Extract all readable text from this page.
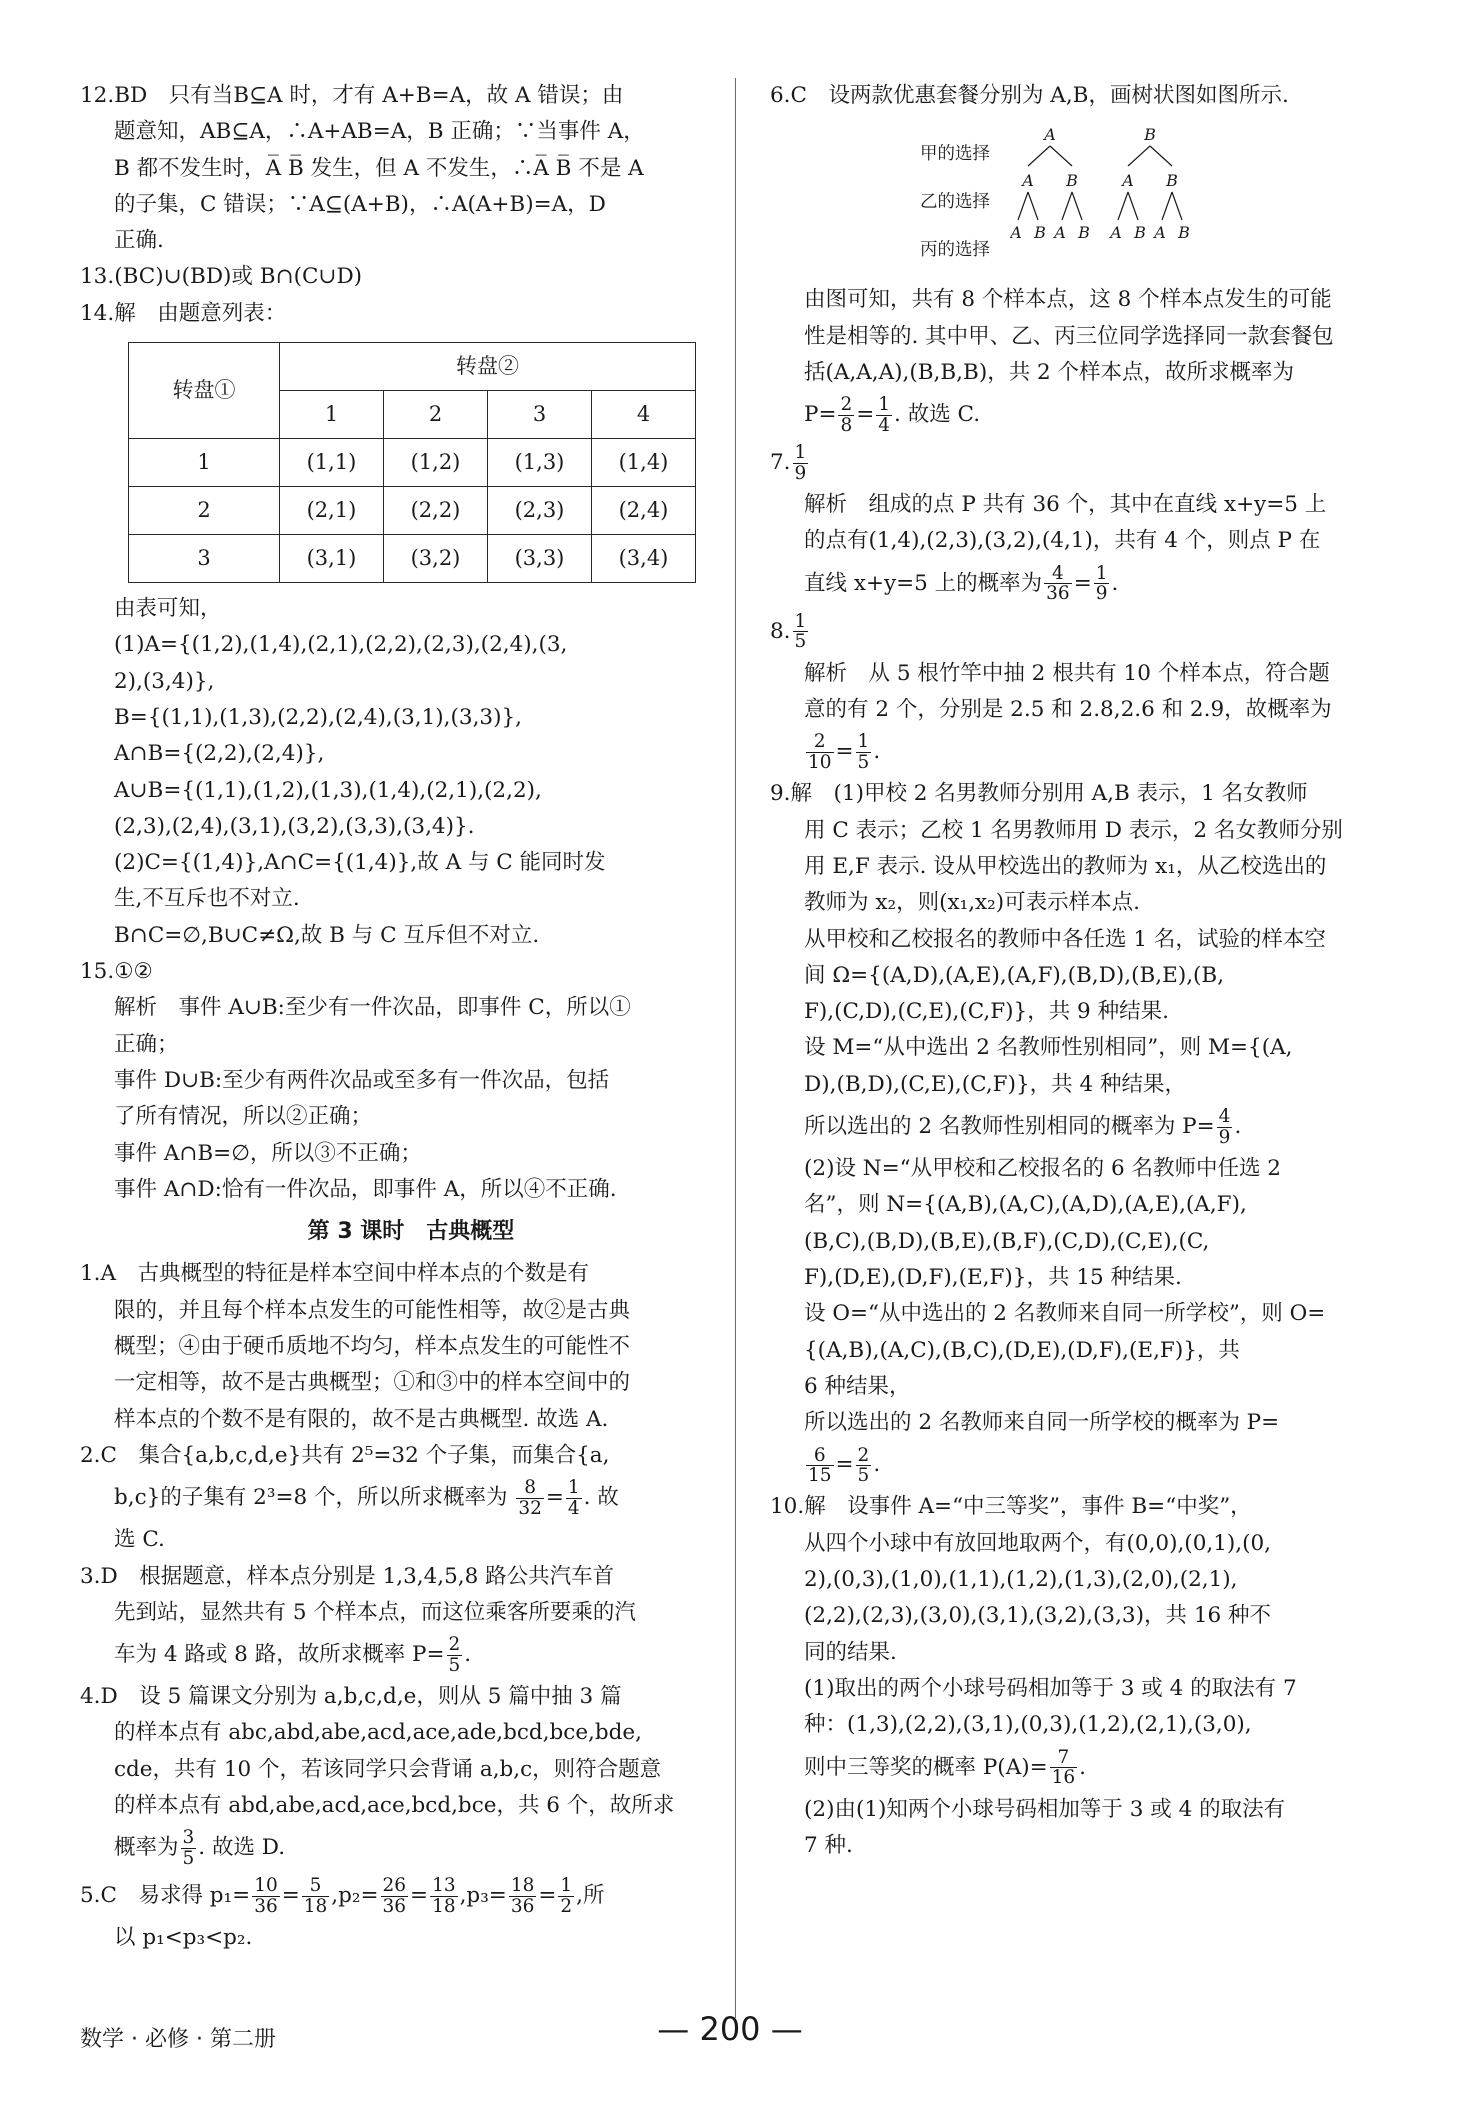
12.BD　只有当B⊆A 时，才有 A+B=A，故 A 错误；由

题意知，AB⊆A，∴A+AB=A，B 正确；∵当事件 A，

B 都不发生时，A̅ B̅ 发生，但 A 不发生，∴A̅ B̅ 不是 A

的子集，C 错误；∵A⊆(A+B)，∴A(A+B)=A，D

正确.

13.(BC)∪(BD)或 B∩(C∪D)

14.解　由题意列表：

转盘①	转盘②			
	1	2	3	4
1	(1,1)	(1,2)	(1,3)	(1,4)
2	(2,1)	(2,2)	(2,3)	(2,4)
3	(3,1)	(3,2)	(3,3)	(3,4)

由表可知，

(1)A={(1,2),(1,4),(2,1),(2,2),(2,3),(2,4),(3,

2),(3,4)},

B={(1,1),(1,3),(2,2),(2,4),(3,1),(3,3)},

A∩B={(2,2),(2,4)},

A∪B={(1,1),(1,2),(1,3),(1,4),(2,1),(2,2),

(2,3),(2,4),(3,1),(3,2),(3,3),(3,4)}.

(2)C={(1,4)},A∩C={(1,4)},故 A 与 C 能同时发

生,不互斥也不对立.

B∩C=∅,B∪C≠Ω,故 B 与 C 互斥但不对立.

15.①②

解析　事件 A∪B:至少有一件次品，即事件 C，所以①

正确；

事件 D∪B:至少有两件次品或至多有一件次品，包括

了所有情况，所以②正确；

事件 A∩B=∅，所以③不正确；

事件 A∩D:恰有一件次品，即事件 A，所以④不正确.

第 3 课时　古典概型

1.A　古典概型的特征是样本空间中样本点的个数是有

限的，并且每个样本点发生的可能性相等，故②是古典

概型；④由于硬币质地不均匀，样本点发生的可能性不

一定相等，故不是古典概型；①和③中的样本空间中的

样本点的个数不是有限的，故不是古典概型. 故选 A.

2.C　集合{a,b,c,d,e}共有 2⁵=32 个子集，而集合{a,

b,c}的子集有 2³=8 个，所以所求概率为 $\frac{8}{32} = \frac{1}{4}$ . 故

选 C.

3.D　根据题意，样本点分别是 1,3,4,5,8 路公共汽车首

先到站，显然共有 5 个样本点，而这位乘客所要乘的汽

车为 4 路或 8 路，故所求概率 $P= \frac{2}{5}$ .

4.D　设 5 篇课文分别为 a,b,c,d,e，则从 5 篇中抽 3 篇

的样本点有 abc,abd,abe,acd,ace,ade,bcd,bce,bde,

cde，共有 10 个，若该同学只会背诵 a,b,c，则符合题意

的样本点有 abd,abe,acd,ace,bcd,bce，共 6 个，故所求

概率为 $\frac{3}{5}$ . 故选 D.

5.C　易求得 $p_1= \frac{10}{36} = \frac{5}{18} ,p_2= \frac{26}{36} = \frac{13}{18} ,p_3= \frac{18}{36} = \frac{1}{2}$ ,所

以 p₁<p₃<p₂.

6.C　设两款优惠套餐分别为 A,B，画树状图如图所示.

甲的选择
乙的选择
丙的选择
A	B
A B	A B
A B A B A B A B

由图可知，共有 8 个样本点，这 8 个样本点发生的可能

性是相等的. 其中甲、乙、丙三位同学选择同一款套餐包

括(A,A,A),(B,B,B)，共 2 个样本点，故所求概率为

$P= \frac{2}{8} = \frac{1}{4}$ . 故选 C.

7. $\frac{1}{9}$

解析　组成的点 P 共有 36 个，其中在直线 x+y=5 上

的点有(1,4),(2,3),(3,2),(4,1)，共有 4 个，则点 P 在

直线 x+y=5 上的概率为 $\frac{4}{36} = \frac{1}{9}$ .

8. $\frac{1}{5}$

解析　从 5 根竹竿中抽 2 根共有 10 个样本点，符合题

意的有 2 个，分别是 2.5 和 2.8,2.6 和 2.9，故概率为

$\frac{2}{10} = \frac{1}{5}$ .

9.解　(1)甲校 2 名男教师分别用 A,B 表示，1 名女教师

用 C 表示；乙校 1 名男教师用 D 表示，2 名女教师分别

用 E,F 表示. 设从甲校选出的教师为 x₁，从乙校选出的

教师为 x₂，则(x₁,x₂)可表示样本点.

从甲校和乙校报名的教师中各任选 1 名，试验的样本空

间 Ω={(A,D),(A,E),(A,F),(B,D),(B,E),(B,

F),(C,D),(C,E),(C,F)}，共 9 种结果.

设 M=“从中选出 2 名教师性别相同”，则 M={(A,

D),(B,D),(C,E),(C,F)}，共 4 种结果，

所以选出的 2 名教师性别相同的概率为 $P= \frac{4}{9}$ .

(2)设 N=“从甲校和乙校报名的 6 名教师中任选 2

名”，则 N={(A,B),(A,C),(A,D),(A,E),(A,F),

(B,C),(B,D),(B,E),(B,F),(C,D),(C,E),(C,

F),(D,E),(D,F),(E,F)}，共 15 种结果.

设 O=“从中选出的 2 名教师来自同一所学校”，则 O=

{(A,B),(A,C),(B,C),(D,E),(D,F),(E,F)}，共

6 种结果，

所以选出的 2 名教师来自同一所学校的概率为 P=

$\frac{6}{15} = \frac{2}{5}$ .

10.解　设事件 A=“中三等奖”，事件 B=“中奖”，

从四个小球中有放回地取两个，有(0,0),(0,1),(0,

2),(0,3),(1,0),(1,1),(1,2),(1,3),(2,0),(2,1),

(2,2),(2,3),(3,0),(3,1),(3,2),(3,3)，共 16 种不

同的结果.

(1)取出的两个小球号码相加等于 3 或 4 的取法有 7

种：(1,3),(2,2),(3,1),(0,3),(1,2),(2,1),(3,0),

则中三等奖的概率 $P(A)= \frac{7}{16}$ .

(2)由(1)知两个小球号码相加等于 3 或 4 的取法有

7 种.

数学 · 必修 · 第二册	— 200 —
